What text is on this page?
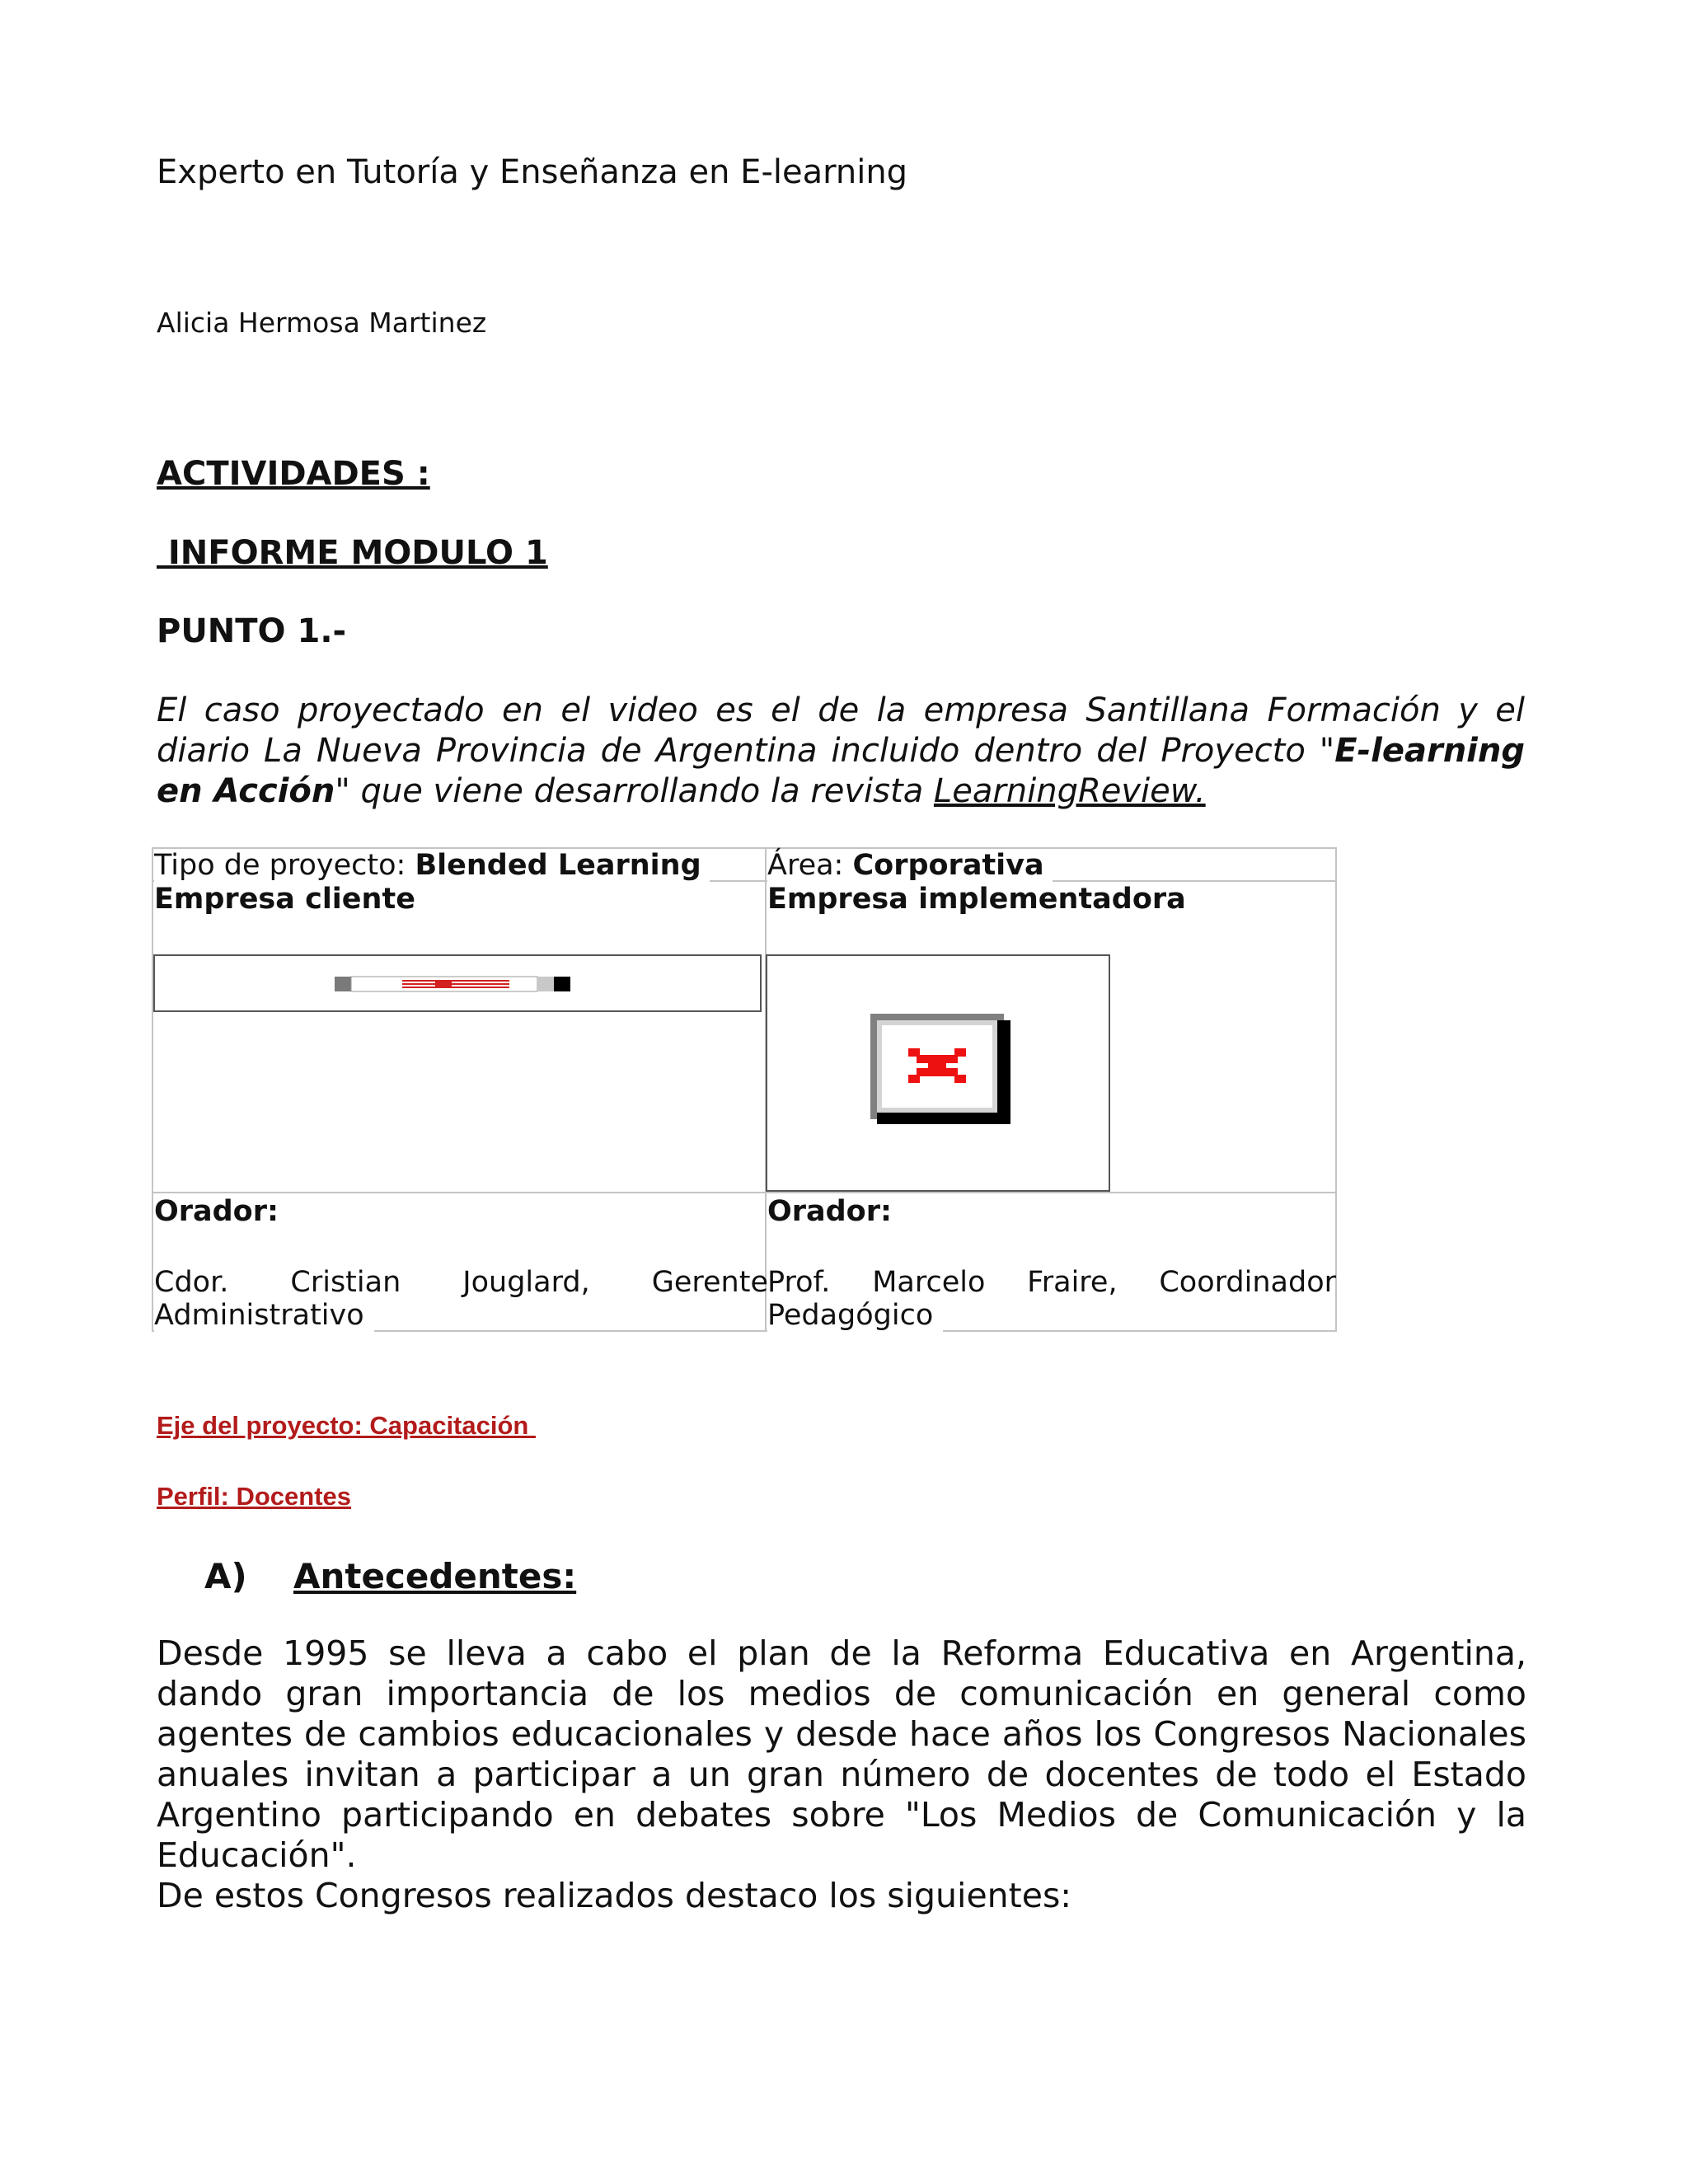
Experto en Tutoría y Enseñanza en E-learning
Alicia Hermosa Martinez
ACTIVIDADES :
INFORME MODULO 1
PUNTO 1.-
El caso proyectado en el video es el de la empresa Santillana Formación y el diario La Nueva Provincia de Argentina incluido dentro del Proyecto "E-learning en Acción" que viene desarrollando la revista LearningReview.
Tipo de proyecto: Blended Learning Área: Corporativa
Empresa cliente	Empresa implementadora
Orador:	Orador:
Cdor. Cristian Jouglard, Gerente
Administrativo
Prof. Marcelo Fraire, Coordinador
Pedagógico
Eje del proyecto: Capacitación
Perfil: Docentes
A) Antecedentes:
Desde 1995 se lleva a cabo el plan de la Reforma Educativa en Argentina, dando gran importancia de los medios de comunicación en general como agentes de cambios educacionales y desde hace años los Congresos Nacionales anuales invitan a participar a un gran número de docentes de todo el Estado Argentino participando en debates sobre "Los Medios de Comunicación y la Educación".
De estos Congresos realizados destaco los siguientes:
